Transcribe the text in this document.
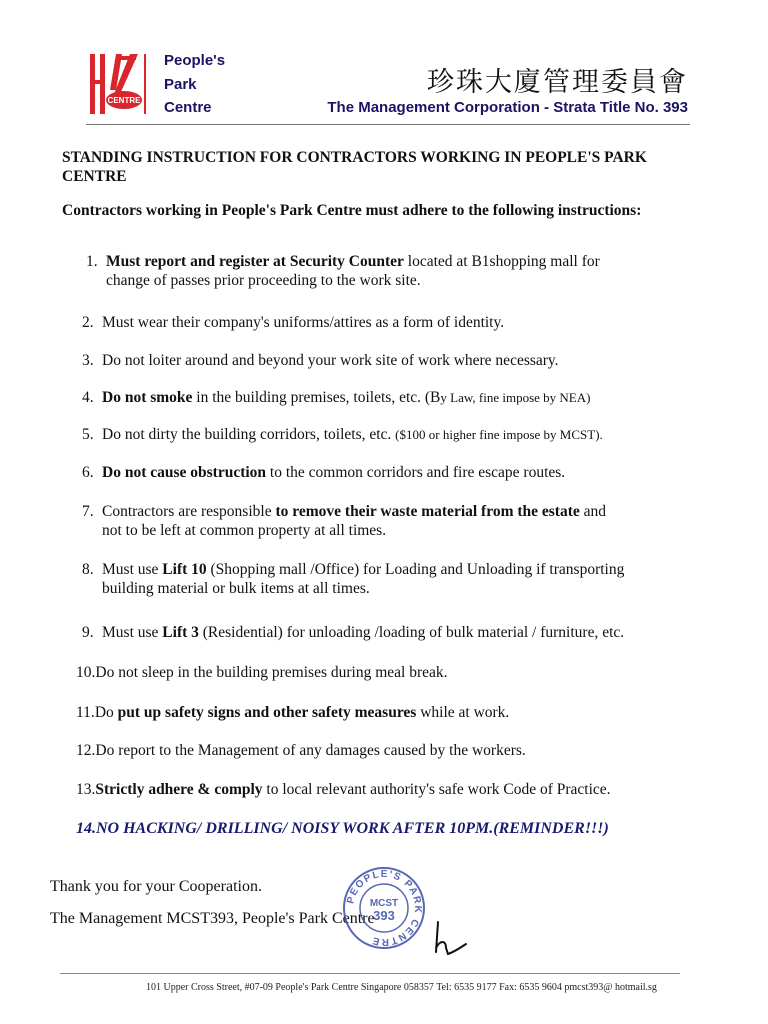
CENTRE
People's
Park
Centre
珍珠大廈管理委員會
The Management Corporation - Strata Title No. 393
STANDING INSTRUCTION FOR CONTRACTORS WORKING IN PEOPLE'S PARK CENTRE
Contractors working in People's Park Centre must adhere to the following instructions:
1. Must report and register at Security Counter located at B1shopping mall for
change of passes prior proceeding to the work site.
2. Must wear their company's uniforms/attires as a form of identity.
3. Do not loiter around and beyond your work site of work where necessary.
4. Do not smoke in the building premises, toilets, etc. (By Law, fine impose by NEA)
5. Do not dirty the building corridors, toilets, etc. ($100 or higher fine impose by MCST).
6. Do not cause obstruction to the common corridors and fire escape routes.
7. Contractors are responsible to remove their waste material from the estate and
not to be left at common property at all times.
8. Must use Lift 10 (Shopping mall /Office) for Loading and Unloading if transporting
building material or bulk items at all times.
9. Must use Lift 3 (Residential) for unloading /loading of bulk material / furniture, etc.
10.Do not sleep in the building premises during meal break.
11.Do put up safety signs and other safety measures while at work.
12.Do report to the Management of any damages caused by the workers.
13.Strictly adhere & comply to local relevant authority's safe work Code of Practice.
14.NO HACKING/ DRILLING/ NOISY WORK AFTER 10PM.(REMINDER!!!)
Thank you for your Cooperation.
The Management MCST393, People's Park Centre
PEOPLE'S PARK CENTRE
MCST
393
101 Upper Cross Street, #07-09 People's Park Centre Singapore 058357 Tel: 6535 9177 Fax: 6535 9604 pmcst393@ hotmail.sg
